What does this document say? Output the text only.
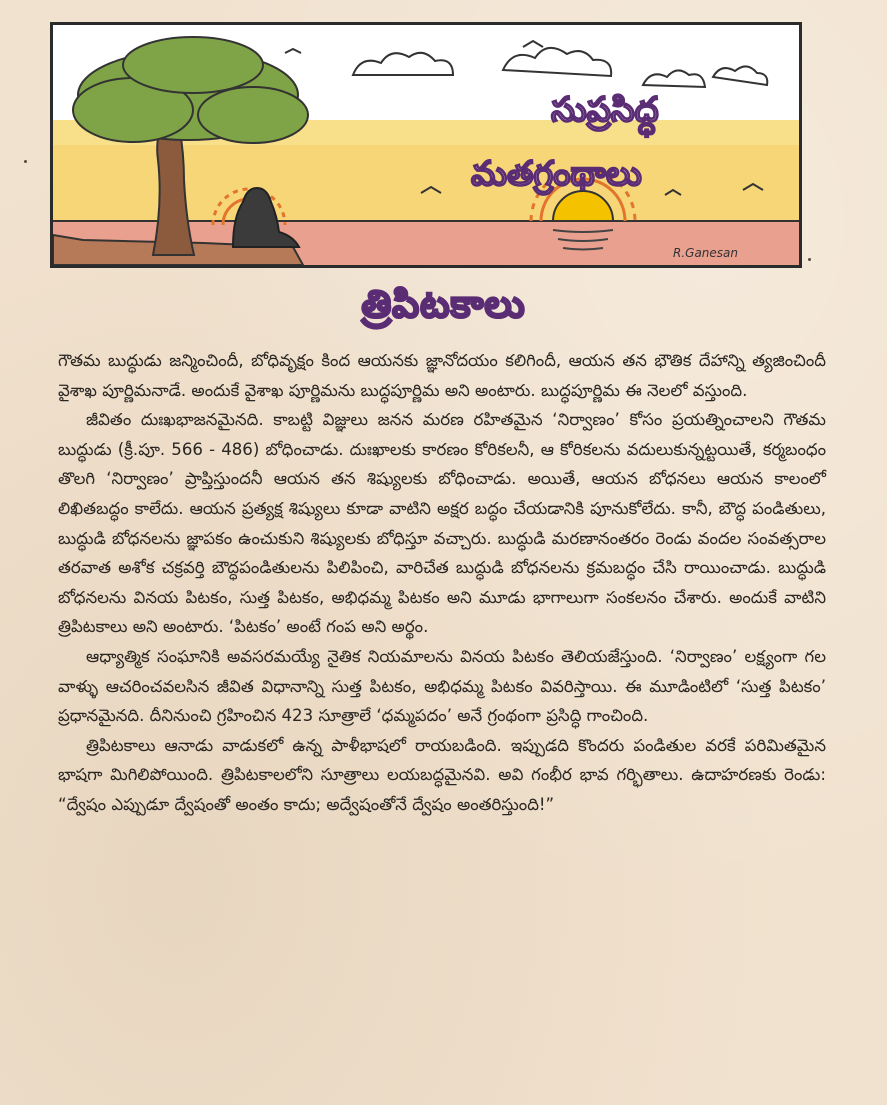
R.Ganesan
సుప్రసిద్ధ
మతగ్రంథాలు
త్రిపిటకాలు

గౌతమ బుద్ధుడు జన్మించిందీ, బోధివృక్షం కింద ఆయనకు జ్ఞానోదయం కలిగిందీ, ఆయన తన భౌతిక దేహాన్ని త్యజించిందీ వైశాఖ పూర్ణిమనాడే. అందుకే వైశాఖ పూర్ణిమను బుద్ధపూర్ణిమ అని అంటారు. బుద్ధపూర్ణిమ ఈ నెలలో వస్తుంది.

జీవితం దుఃఖభాజనమైనది. కాబట్టి విజ్ఞులు జనన మరణ రహితమైన ‘నిర్వాణం’ కోసం ప్రయత్నించాలని గౌతమ బుద్ధుడు (క్రీ.పూ. 566 - 486) బోధించాడు. దుఃఖాలకు కారణం కోరికలనీ, ఆ కోరికలను వదులుకున్నట్టయితే, కర్మబంధం తొలగి ‘నిర్వాణం’ ప్రాప్తిస్తుందనీ ఆయన తన శిష్యులకు బోధించాడు. అయితే, ఆయన బోధనలు ఆయన కాలంలో లిఖితబద్ధం కాలేదు. ఆయన ప్రత్యక్ష శిష్యులు కూడా వాటిని అక్షర బద్ధం చేయడానికి పూనుకోలేదు. కానీ, బౌద్ధ పండితులు, బుద్ధుడి బోధనలను జ్ఞాపకం ఉంచుకుని శిష్యులకు బోధిస్తూ వచ్చారు. బుద్ధుడి మరణానంతరం రెండు వందల సంవత్సరాల తరవాత అశోక చక్రవర్తి బౌద్ధపండితులను పిలిపించి, వారిచేత బుద్ధుడి బోధనలను క్రమబద్ధం చేసి రాయించాడు. బుద్ధుడి బోధనలను వినయ పిటకం, సుత్త పిటకం, అభిధమ్మ పిటకం అని మూడు భాగాలుగా సంకలనం చేశారు. అందుకే వాటిని త్రిపిటకాలు అని అంటారు. ‘పిటకం’ అంటే గంప అని అర్థం.

ఆధ్యాత్మిక సంఘానికి అవసరమయ్యే నైతిక నియమాలను వినయ పిటకం తెలియజేస్తుంది. ‘నిర్వాణం’ లక్ష్యంగా గల వాళ్ళు ఆచరించవలసిన జీవిత విధానాన్ని సుత్త పిటకం, అభిధమ్మ పిటకం వివరిస్తాయి. ఈ మూడింటిలో ‘సుత్త పిటకం’ ప్రధానమైనది. దీనినుంచి గ్రహించిన 423 సూత్రాలే ‘ధమ్మపదం’ అనే గ్రంథంగా ప్రసిద్ధి గాంచింది.

త్రిపిటకాలు ఆనాడు వాడుకలో ఉన్న పాళీభాషలో రాయబడింది. ఇప్పుడది కొందరు పండితుల వరకే పరిమితమైన భాషగా మిగిలిపోయింది. త్రిపిటకాలలోని సూత్రాలు లయబద్ధమైనవి. అవి గంభీర భావ గర్భితాలు. ఉదాహరణకు రెండు: “ద్వేషం ఎప్పుడూ ద్వేషంతో అంతం కాదు; అద్వేషంతోనే ద్వేషం అంతరిస్తుంది!”
